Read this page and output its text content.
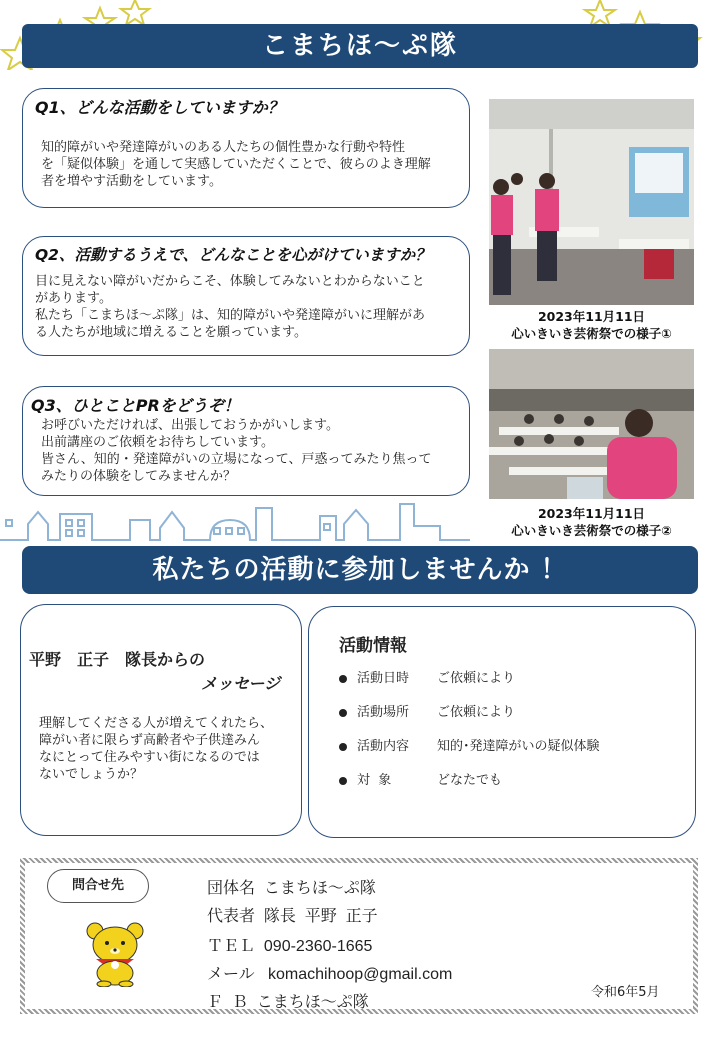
こまちほ～ぷ隊
Q1、どんな活動をしていますか？
知的障がいや発達障がいのある人たちの個性豊かな行動や特性
を「疑似体験」を通して実感していただくことで、彼らのよき理解
者を増やす活動をしています。
Q2、活動するうえで、どんなことを心がけていますか？
目に見えない障がいだからこそ、体験してみないとわからないこと
があります。
私たち「こまちほ～ぷ隊」は、知的障がいや発達障がいに理解があ
る人たちが地域に増えることを願っています。
Q3、ひとことPRをどうぞ！
お呼びいただければ、出張しておうかがいします。
出前講座のご依頼をお待ちしています。
皆さん、知的・発達障がいの立場になって、戸惑ってみたり焦って
みたりの体験をしてみませんか？
2023年11月11日
心いきいき芸術祭での様子①
2023年11月11日
心いきいき芸術祭での様子②
私たちの活動に参加しませんか ！
平野　正子　隊長からの
メッセージ
理解してくださる人が増えてくれたら、
障がい者に限らず高齢者や子供達みん
なにとって住みやすい街になるのでは
ないでしょうか？
活動情報
活動日時 ご依頼により
活動場所 ご依頼により
活動内容 知的･発達障がいの疑似体験
対  象	どなたでも
問合せ先	団体名  こまちほ～ぷ隊
代表者  隊長  平野  正子
ＴＥＬ  090-2360-1665
メール   komachihoop@gmail.com
Ｆ  Ｂ  こまちほ～ぷ隊
令和6年5月
